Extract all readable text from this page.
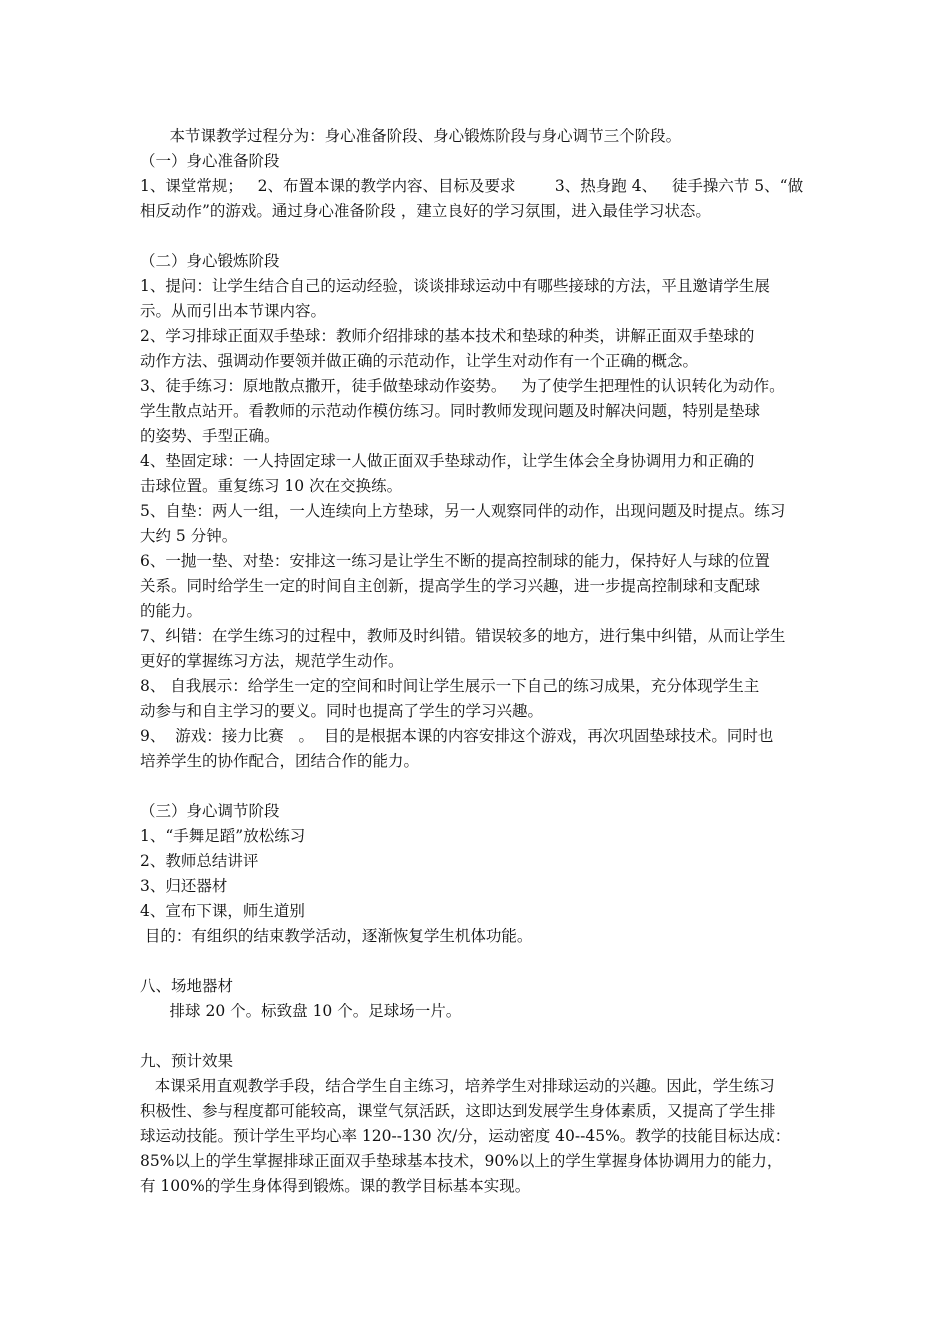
本节课教学过程分为：身心准备阶段、身心锻炼阶段与身心调节三个阶段。
（一）身心准备阶段
1、课堂常规；   2、布置本课的教学内容、目标及要求        3、热身跑 4、   徒手操六节 5、“做
相反动作”的游戏。通过身心准备阶段 ，建立良好的学习氛围，进入最佳学习状态。
（二）身心锻炼阶段
1、提问：让学生结合自己的运动经验，谈谈排球运动中有哪些接球的方法，平且邀请学生展
示。从而引出本节课内容。
2、学习排球正面双手垫球：教师介绍排球的基本技术和垫球的种类，讲解正面双手垫球的
动作方法、强调动作要领并做正确的示范动作，让学生对动作有一个正确的概念。
3、徒手练习：原地散点撒开，徒手做垫球动作姿势。   为了使学生把理性的认识转化为动作。
学生散点站开。看教师的示范动作模仿练习。同时教师发现问题及时解决问题，特别是垫球
的姿势、手型正确。
4、垫固定球：一人持固定球一人做正面双手垫球动作，让学生体会全身协调用力和正确的
击球位置。重复练习 10 次在交换练。
5、自垫：两人一组，一人连续向上方垫球，另一人观察同伴的动作，出现问题及时提点。练习
大约 5 分钟。
6、一抛一垫、对垫：安排这一练习是让学生不断的提高控制球的能力，保持好人与球的位置
关系。同时给学生一定的时间自主创新，提高学生的学习兴趣，进一步提高控制球和支配球
的能力。
7、纠错：在学生练习的过程中，教师及时纠错。错误较多的地方，进行集中纠错，从而让学生
更好的掌握练习方法，规范学生动作。
8、 自我展示：给学生一定的空间和时间让学生展示一下自己的练习成果，充分体现学生主
动参与和自主学习的要义。同时也提高了学生的学习兴趣。
9、  游戏：接力比赛   。  目的是根据本课的内容安排这个游戏，再次巩固垫球技术。同时也
培养学生的协作配合，团结合作的能力。
（三）身心调节阶段
1、“手舞足蹈”放松练习
2、教师总结讲评
3、归还器材
4、宣布下课，师生道别
目的：有组织的结束教学活动，逐渐恢复学生机体功能。
八、场地器材
排球 20 个。标致盘 10 个。足球场一片。
九、预计效果
本课采用直观教学手段，结合学生自主练习，培养学生对排球运动的兴趣。因此，学生练习
积极性、参与程度都可能较高，课堂气氛活跃，这即达到发展学生身体素质，又提高了学生排
球运动技能。预计学生平均心率 120--130 次/分，运动密度 40--45%。教学的技能目标达成：
85%以上的学生掌握排球正面双手垫球基本技术，90%以上的学生掌握身体协调用力的能力，
有 100%的学生身体得到锻炼。课的教学目标基本实现。
